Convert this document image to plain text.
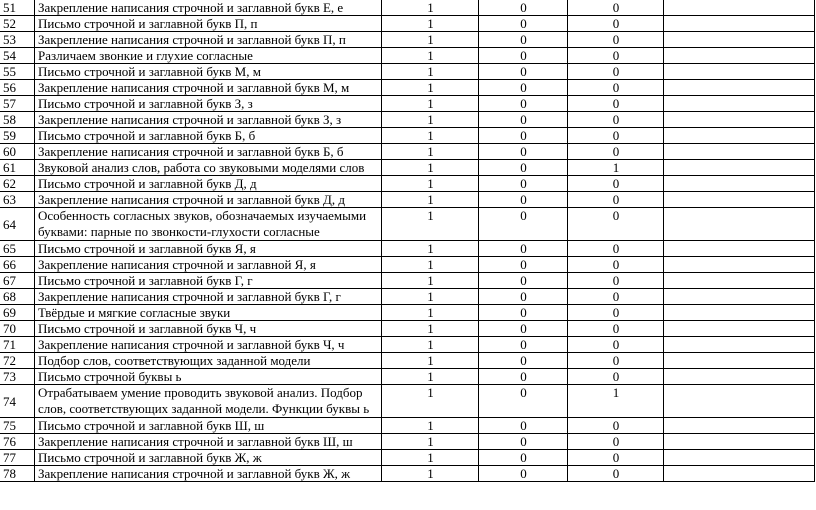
51	Закрепление написания строчной и заглавной букв Е, е	1	0	0	
52	Письмо строчной и заглавной букв П, п	1	0	0	
53	Закрепление написания строчной и заглавной букв П, п	1	0	0	
54	Различаем звонкие и глухие согласные	1	0	0	
55	Письмо строчной и заглавной букв М, м	1	0	0	
56	Закрепление написания строчной и заглавной букв М, м	1	0	0	
57	Письмо строчной и заглавной букв З, з	1	0	0	
58	Закрепление написания строчной и заглавной букв З, з	1	0	0	
59	Письмо строчной и заглавной букв Б, б	1	0	0	
60	Закрепление написания строчной и заглавной букв Б, б	1	0	0	
61	Звуковой анализ слов, работа со звуковыми моделями слов	1	0	1	
62	Письмо строчной и заглавной букв Д, д	1	0	0	
63	Закрепление написания строчной и заглавной букв Д, д	1	0	0	
64	Особенность согласных звуков, обозначаемых изучаемыми буквами: парные по звонкости-глухости согласные	1	0	0	
65	Письмо строчной и заглавной букв Я, я	1	0	0	
66	Закрепление написания строчной и заглавной Я, я	1	0	0	
67	Письмо строчной и заглавной букв Г, г	1	0	0	
68	Закрепление написания строчной и заглавной букв Г, г	1	0	0	
69	Твёрдые и мягкие согласные звуки	1	0	0	
70	Письмо строчной и заглавной букв Ч, ч	1	0	0	
71	Закрепление написания строчной и заглавной букв Ч, ч	1	0	0	
72	Подбор слов, соответствующих заданной модели	1	0	0	
73	Письмо строчной буквы ь	1	0	0	
74	Отрабатываем умение проводить звуковой анализ. Подбор слов, соответствующих заданной модели. Функции буквы ь	1	0	1	
75	Письмо строчной и заглавной букв Ш, ш	1	0	0	
76	Закрепление написания строчной и заглавной букв Ш, ш	1	0	0	
77	Письмо строчной и заглавной букв Ж, ж	1	0	0	
78	Закрепление написания строчной и заглавной букв Ж, ж	1	0	0	
